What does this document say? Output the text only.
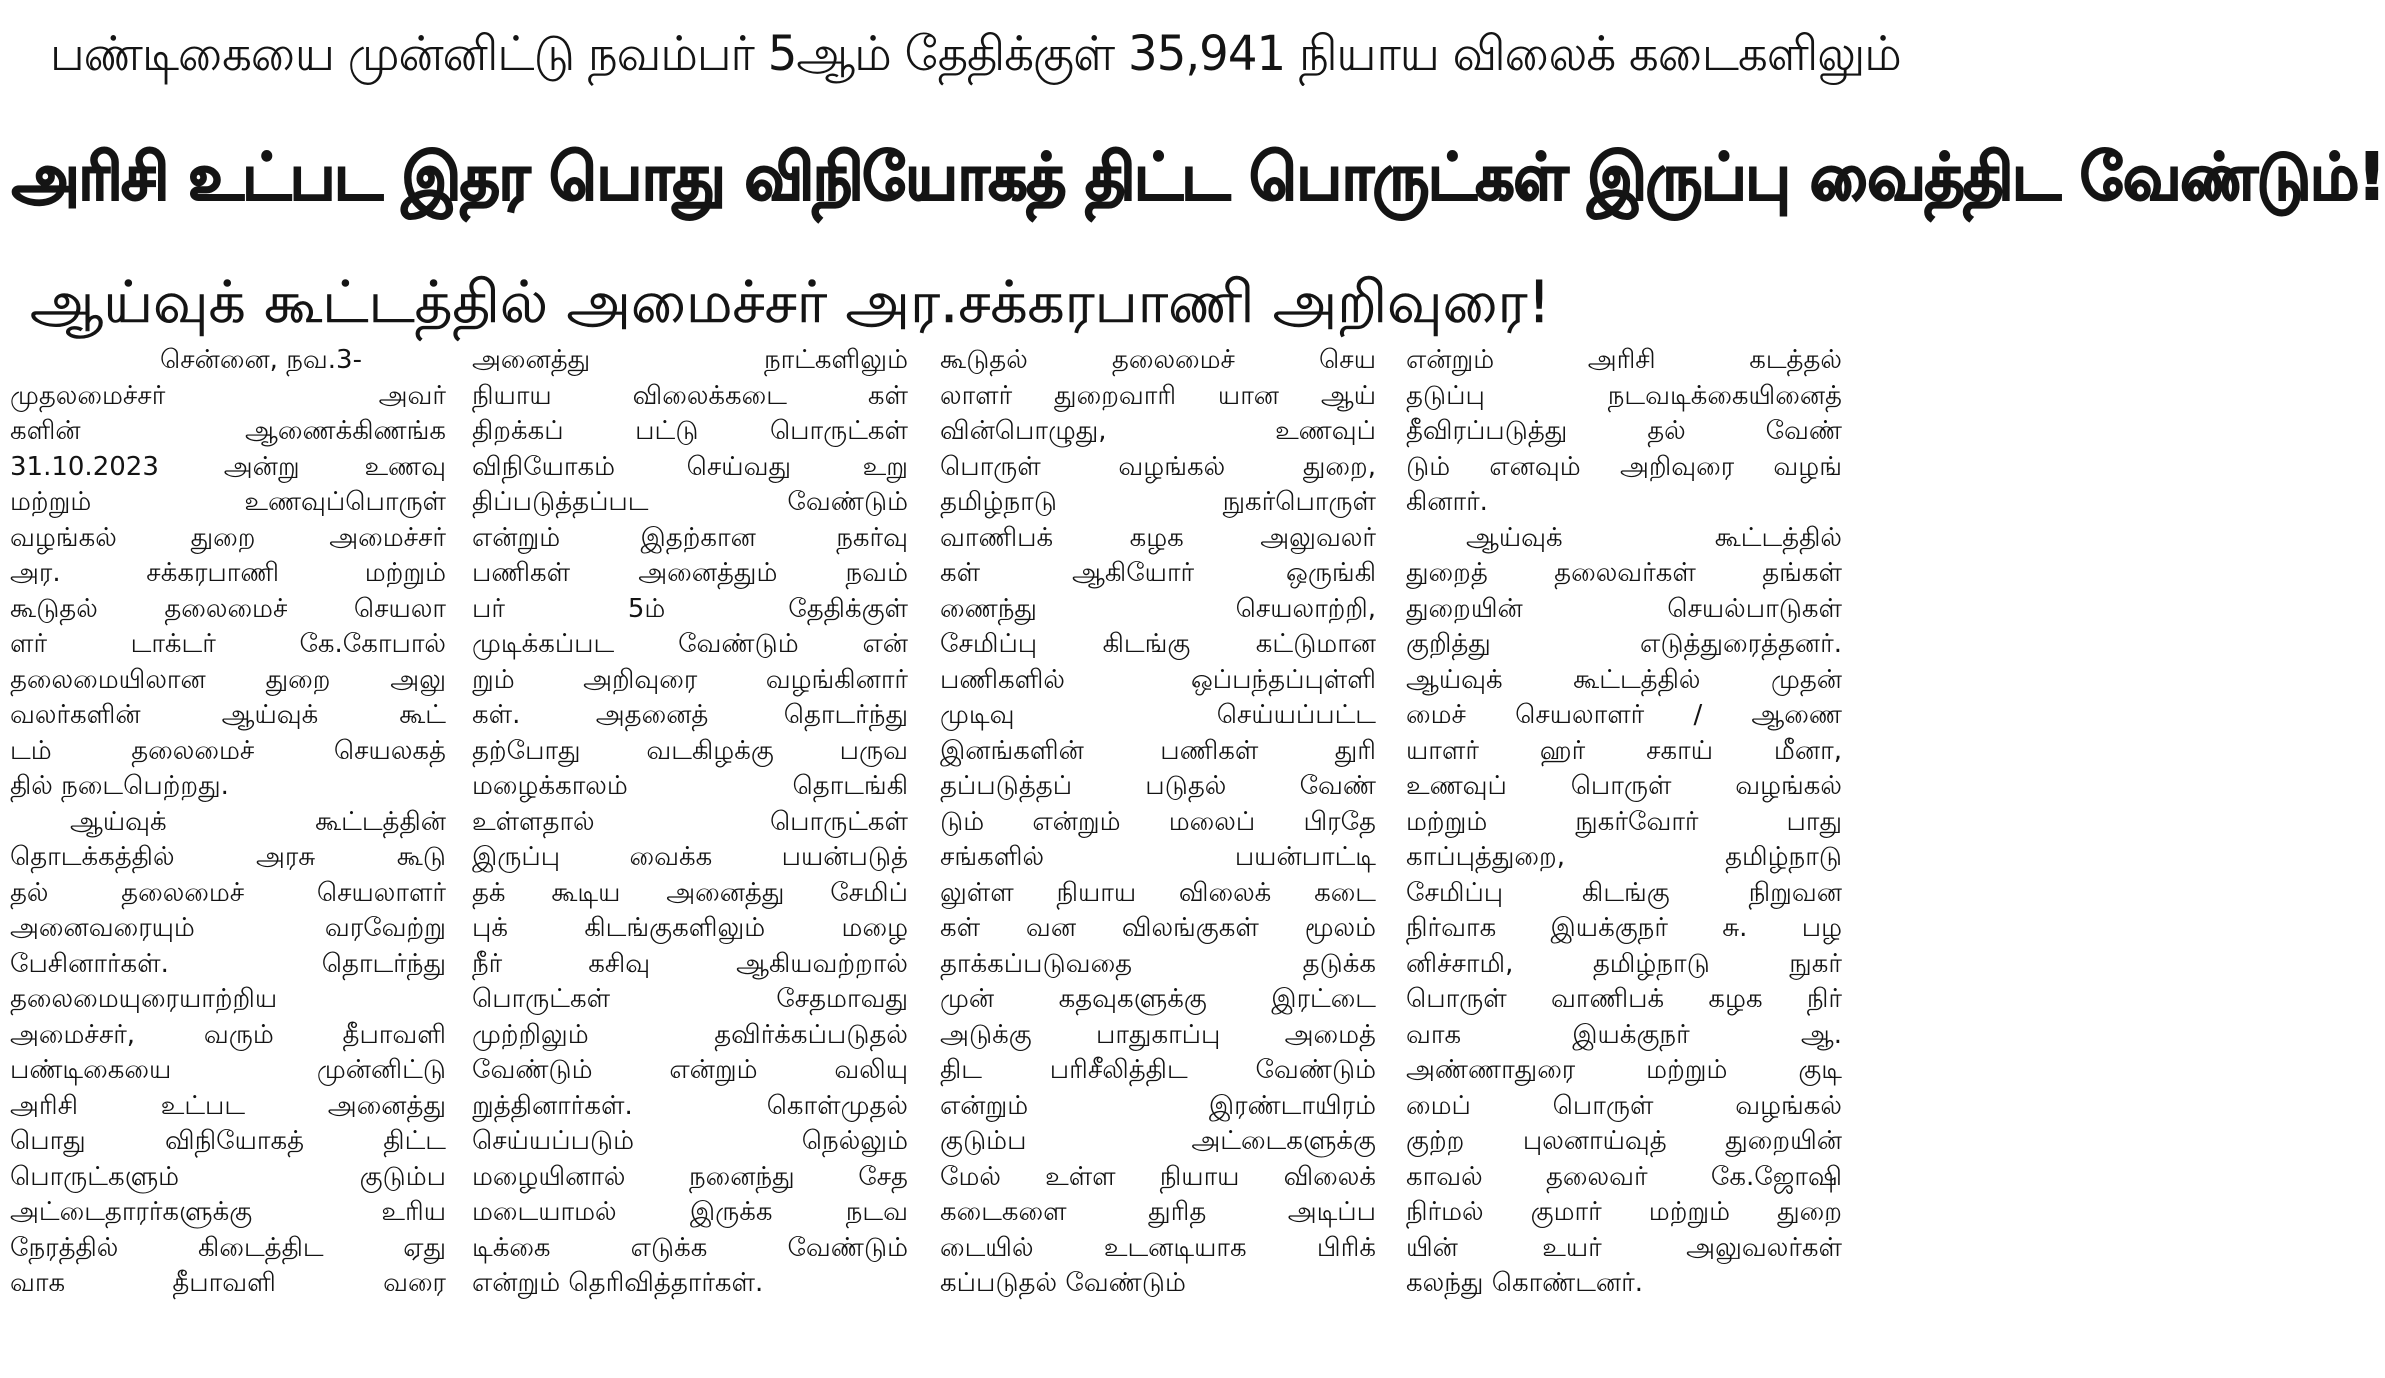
பண்டிகையை முன்னிட்டு நவம்பர் 5ஆம் தேதிக்குள் 35,941 நியாய விலைக் கடைகளிலும்
அரிசி உட்பட இதர பொது விநியோகத் திட்ட பொருட்கள் இருப்பு வைத்திட வேண்டும்!
ஆய்வுக் கூட்டத்தில் அமைச்சர் அர.சக்கரபாணி அறிவுரை!
சென்னை, நவ.3-
முதலமைச்சர் அவர்
களின் ஆணைக்கிணங்க
31.10.2023 அன்று உணவு
மற்றும் உணவுப்பொருள்
வழங்கல் துறை அமைச்சர்
அர. சக்கரபாணி மற்றும்
கூடுதல் தலைமைச் செயலா
ளர் டாக்டர் கே.கோபால்
தலைமையிலான துறை அலு
வலர்களின் ஆய்வுக் கூட்
டம் தலைமைச் செயலகத்
தில் நடைபெற்றது.
ஆய்வுக் கூட்டத்தின்
தொடக்கத்தில் அரசு கூடு
தல் தலைமைச் செயலாளர்
அனைவரையும் வரவேற்று
பேசினார்கள். தொடர்ந்து
தலைமையுரையாற்றிய
அமைச்சர், வரும் தீபாவளி
பண்டிகையை முன்னிட்டு
அரிசி உட்பட அனைத்து
பொது விநியோகத் திட்ட
பொருட்களும் குடும்ப
அட்டைதாரர்களுக்கு உரிய
நேரத்தில் கிடைத்திட ஏது
வாக தீபாவளி வரை
அனைத்து நாட்களிலும்
நியாய விலைக்கடை கள்
திறக்கப் பட்டு பொருட்கள்
விநியோகம் செய்வது உறு
திப்படுத்தப்பட வேண்டும்
என்றும் இதற்கான நகர்வு
பணிகள் அனைத்தும் நவம்
பர் 5ம் தேதிக்குள்
முடிக்கப்பட வேண்டும் என்
றும் அறிவுரை வழங்கினார்
கள். அதனைத் தொடர்ந்து
தற்போது வடகிழக்கு பருவ
மழைக்காலம் தொடங்கி
உள்ளதால் பொருட்கள்
இருப்பு வைக்க பயன்படுத்
தக் கூடிய அனைத்து சேமிப்
புக் கிடங்குகளிலும் மழை
நீர் கசிவு ஆகியவற்றால்
பொருட்கள் சேதமாவது
முற்றிலும் தவிர்க்கப்படுதல்
வேண்டும் என்றும் வலியு
றுத்தினார்கள். கொள்முதல்
செய்யப்படும் நெல்லும்
மழையினால் நனைந்து சேத
மடையாமல் இருக்க நடவ
டிக்கை எடுக்க வேண்டும்
என்றும் தெரிவித்தார்கள்.
கூடுதல் தலைமைச் செய
லாளர் துறைவாரி யான ஆய்
வின்பொழுது, உணவுப்
பொருள் வழங்கல் துறை,
தமிழ்நாடு நுகர்பொருள்
வாணிபக் கழக அலுவலர்
கள் ஆகியோர் ஒருங்கி
ணைந்து செயலாற்றி,
சேமிப்பு கிடங்கு கட்டுமான
பணிகளில் ஒப்பந்தப்புள்ளி
முடிவு செய்யப்பட்ட
இனங்களின் பணிகள் துரி
தப்படுத்தப் படுதல் வேண்
டும் என்றும் மலைப் பிரதே
சங்களில் பயன்பாட்டி
லுள்ள நியாய விலைக் கடை
கள் வன விலங்குகள் மூலம்
தாக்கப்படுவதை தடுக்க
முன் கதவுகளுக்கு இரட்டை
அடுக்கு பாதுகாப்பு அமைத்
திட பரிசீலித்திட வேண்டும்
என்றும் இரண்டாயிரம்
குடும்ப அட்டைகளுக்கு
மேல் உள்ள நியாய விலைக்
கடைகளை துரித அடிப்ப
டையில் உடனடியாக பிரிக்
கப்படுதல் வேண்டும்
என்றும் அரிசி கடத்தல்
தடுப்பு நடவடிக்கையினைத்
தீவிரப்படுத்து தல் வேண்
டும் எனவும் அறிவுரை வழங்
கினார்.
ஆய்வுக் கூட்டத்தில்
துறைத் தலைவர்கள் தங்கள்
துறையின் செயல்பாடுகள்
குறித்து எடுத்துரைத்தனர்.
ஆய்வுக் கூட்டத்தில் முதன்
மைச் செயலாளர் / ஆணை
யாளர் ஹர் சகாய் மீனா,
உணவுப் பொருள் வழங்கல்
மற்றும் நுகர்வோர் பாது
காப்புத்துறை, தமிழ்நாடு
சேமிப்பு கிடங்கு நிறுவன
நிர்வாக இயக்குநர் சு. பழ
னிச்சாமி, தமிழ்நாடு நுகர்
பொருள் வாணிபக் கழக நிர்
வாக இயக்குநர் ஆ.
அண்ணாதுரை மற்றும் குடி
மைப் பொருள் வழங்கல்
குற்ற புலனாய்வுத் துறையின்
காவல் தலைவர் கே.ஜோஷி
நிர்மல் குமார் மற்றும் துறை
யின் உயர் அலுவலர்கள்
கலந்து கொண்டனர்.
